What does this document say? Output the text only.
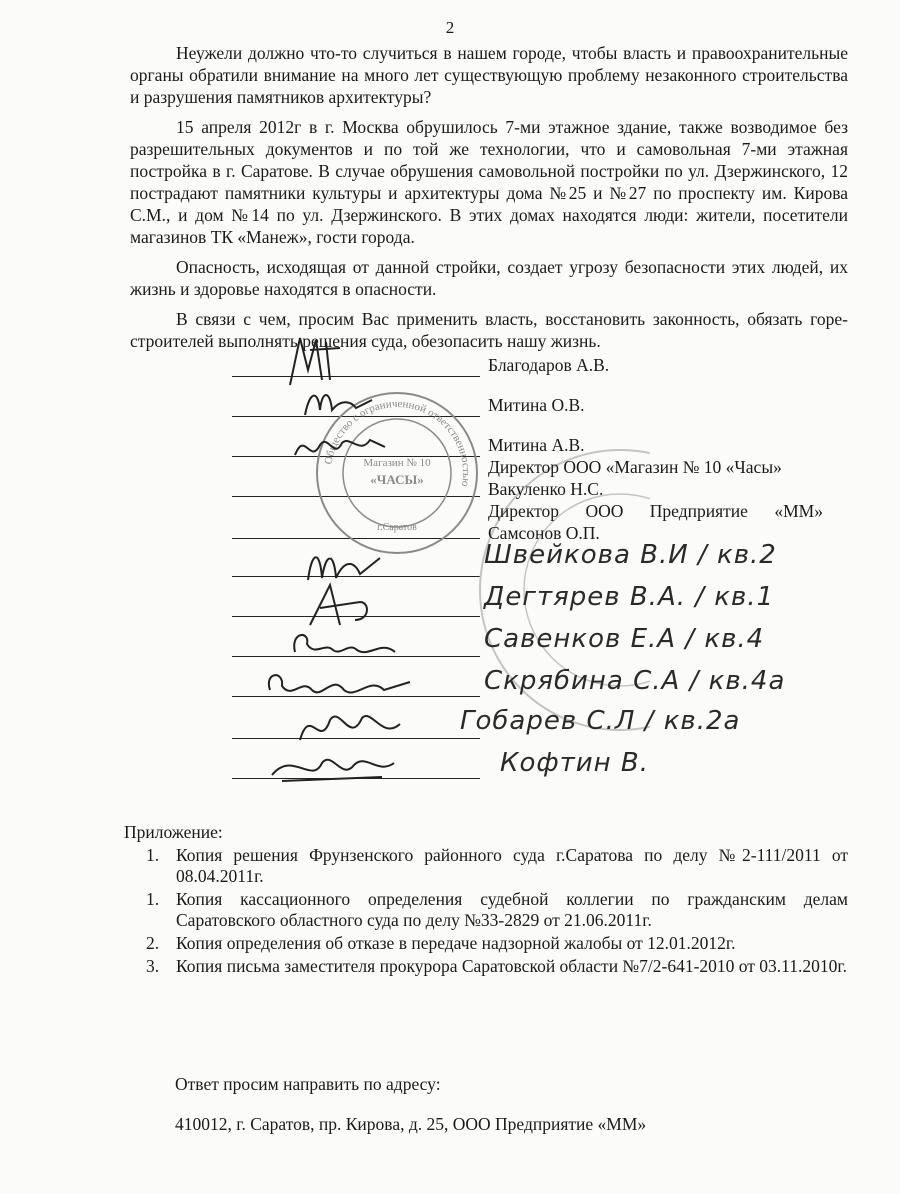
2

Неужели должно что-то случиться в нашем городе, чтобы власть и правоохранительные органы обратили внимание на много лет существующую проблему незаконного строительства и разрушения памятников архитектуры?

15 апреля 2012г в г. Москва обрушилось 7-ми этажное здание, также возводимое без разрешительных документов и по той же технологии, что и самовольная 7-ми этажная постройка в г. Саратове. В случае обрушения самовольной постройки по ул. Дзержинского, 12 пострадают памятники культуры и архитектуры дома №25 и №27 по проспекту им. Кирова С.М., и дом №14 по ул. Дзержинского. В этих домах находятся люди: жители, посетители магазинов ТК «Манеж», гости города.

Опасность, исходящая от данной стройки, создает угрозу безопасности этих людей, их жизнь и здоровье находятся в опасности.

В связи с чем, просим Вас применить власть, восстановить законность, обязать горе-строителей выполнять решения суда, обезопасить нашу жизнь.

Общество с ограниченной ответственностью
Магазин № 10
«ЧАСЫ»
г.Саратов
Благодаров А.В.
Митина О.В.
Митина А.В.
Директор ООО «Магазин № 10 «Часы»
Вакуленко Н.С.
Директор ООО Предприятие «ММ»
Самсонов О.П.
Швейкова В.И / кв.2
Дегтярев В.А. / кв.1
Савенков Е.А / кв.4
Скрябина С.А / кв.4а
Гобарев С.Л / кв.2а
Кофтин В.
Приложение:
1. Копия решения Фрунзенского районного суда г.Саратова по делу №2-111/2011 от 08.04.2011г.
1. Копия кассационного определения судебной коллегии по гражданским делам Саратовского областного суда по делу №33-2829 от 21.06.2011г.
2. Копия определения об отказе в передаче надзорной жалобы от 12.01.2012г.
3. Копия письма заместителя прокурора Саратовской области №7/2-641-2010 от 03.11.2010г.
Ответ просим направить по адресу:
410012, г. Саратов, пр. Кирова, д. 25, ООО Предприятие «ММ»
